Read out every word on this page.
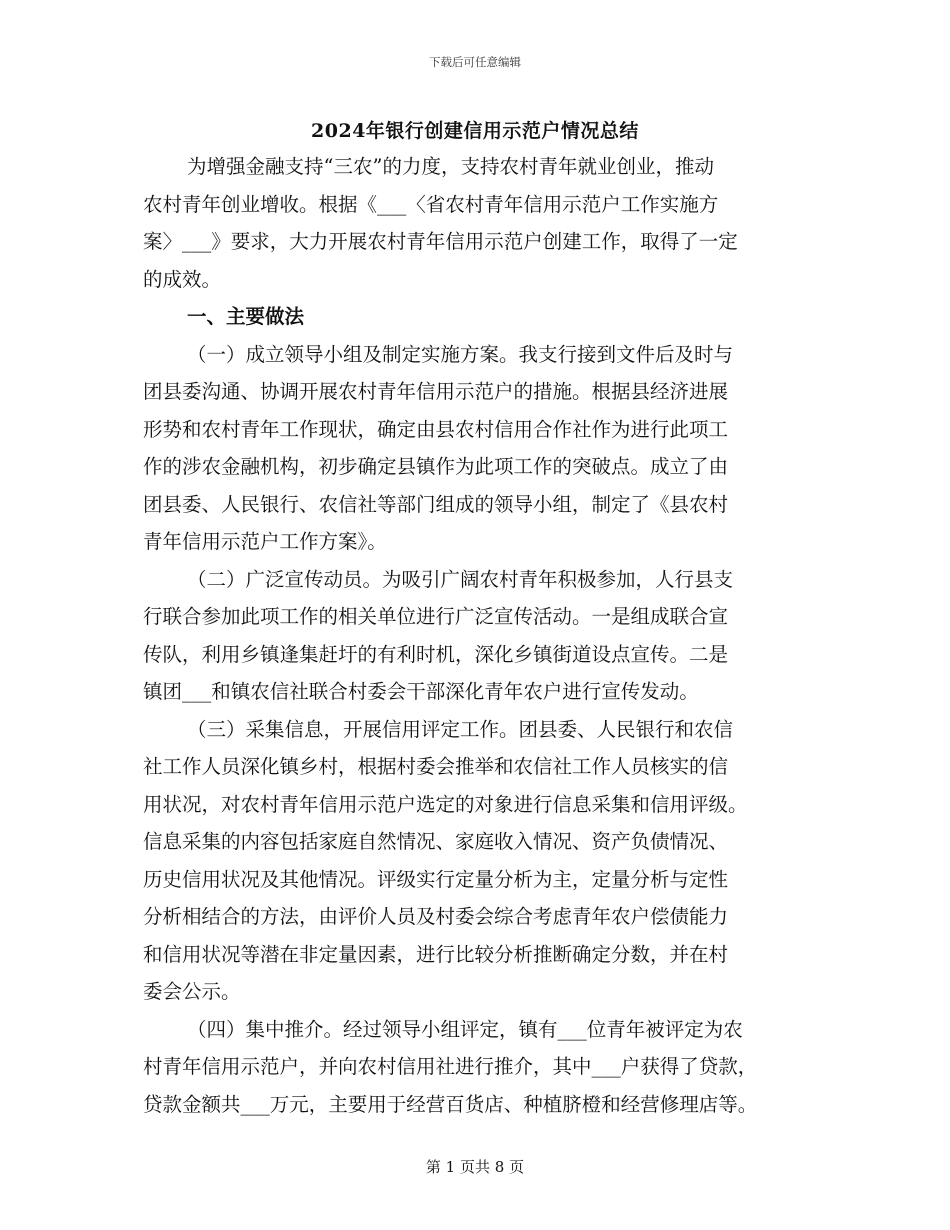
下载后可任意编辑
2024年银行创建信用示范户情况总结
为增强金融支持“三农”的力度，支持农村青年就业创业，推动
农村青年创业增收。根据《___〈省农村青年信用示范户工作实施方
案〉___》要求，大力开展农村青年信用示范户创建工作，取得了一定
的成效。
一、主要做法
（一）成立领导小组及制定实施方案。我支行接到文件后及时与
团县委沟通、协调开展农村青年信用示范户的措施。根据县经济进展
形势和农村青年工作现状，确定由县农村信用合作社作为进行此项工
作的涉农金融机构，初步确定县镇作为此项工作的突破点。成立了由
团县委、人民银行、农信社等部门组成的领导小组，制定了《县农村
青年信用示范户工作方案》。
（二）广泛宣传动员。为吸引广阔农村青年积极参加，人行县支
行联合参加此项工作的相关单位进行广泛宣传活动。一是组成联合宣
传队，利用乡镇逢集赶圩的有利时机，深化乡镇街道设点宣传。二是
镇团___和镇农信社联合村委会干部深化青年农户进行宣传发动。
（三）采集信息，开展信用评定工作。团县委、人民银行和农信
社工作人员深化镇乡村，根据村委会推举和农信社工作人员核实的信
用状况，对农村青年信用示范户选定的对象进行信息采集和信用评级。
信息采集的内容包括家庭自然情况、家庭收入情况、资产负债情况、
历史信用状况及其他情况。评级实行定量分析为主，定量分析与定性
分析相结合的方法，由评价人员及村委会综合考虑青年农户偿债能力
和信用状况等潜在非定量因素，进行比较分析推断确定分数，并在村
委会公示。
（四）集中推介。经过领导小组评定，镇有___位青年被评定为农
村青年信用示范户，并向农村信用社进行推介，其中___户获得了贷款，
贷款金额共___万元，主要用于经营百货店、种植脐橙和经营修理店等。
第 1 页共 8 页
